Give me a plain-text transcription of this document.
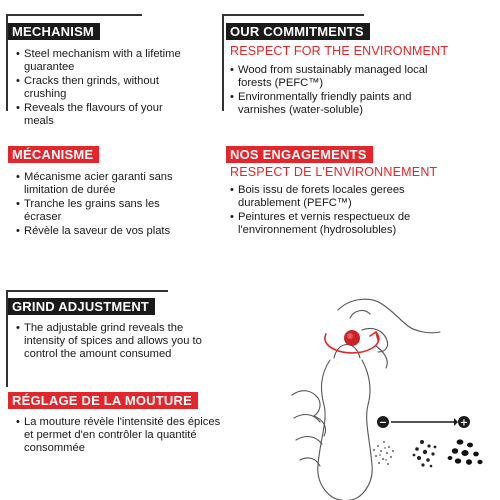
MECHANISM
• Steel mechanism with a lifetime guarantee
• Cracks then grinds, without crushing
• Reveals the flavours of your meals
MÉCANISME
• Mécanisme acier garanti sans limitation de durée
• Tranche les grains sans les écraser
• Révèle la saveur de vos plats
OUR COMMITMENTS
RESPECT FOR THE ENVIRONMENT
• Wood from sustainably managed local forests (PEFC™)
• Environmentally friendly paints and varnishes (water-soluble)
NOS ENGAGEMENTS
RESPECT DE L'ENVIRONNEMENT
• Bois issu de forets locales gerees durablement (PEFC™)
• Peintures et vernis respectueux de l'environnement (hydrosolubles)
GRIND ADJUSTMENT
• The adjustable grind reveals the intensity of spices and allows you to control the amount consumed
RÉGLAGE DE LA MOUTURE
• La mouture révèle l'intensité des épices et permet d'en contrôler la quantité consommée
−	+
